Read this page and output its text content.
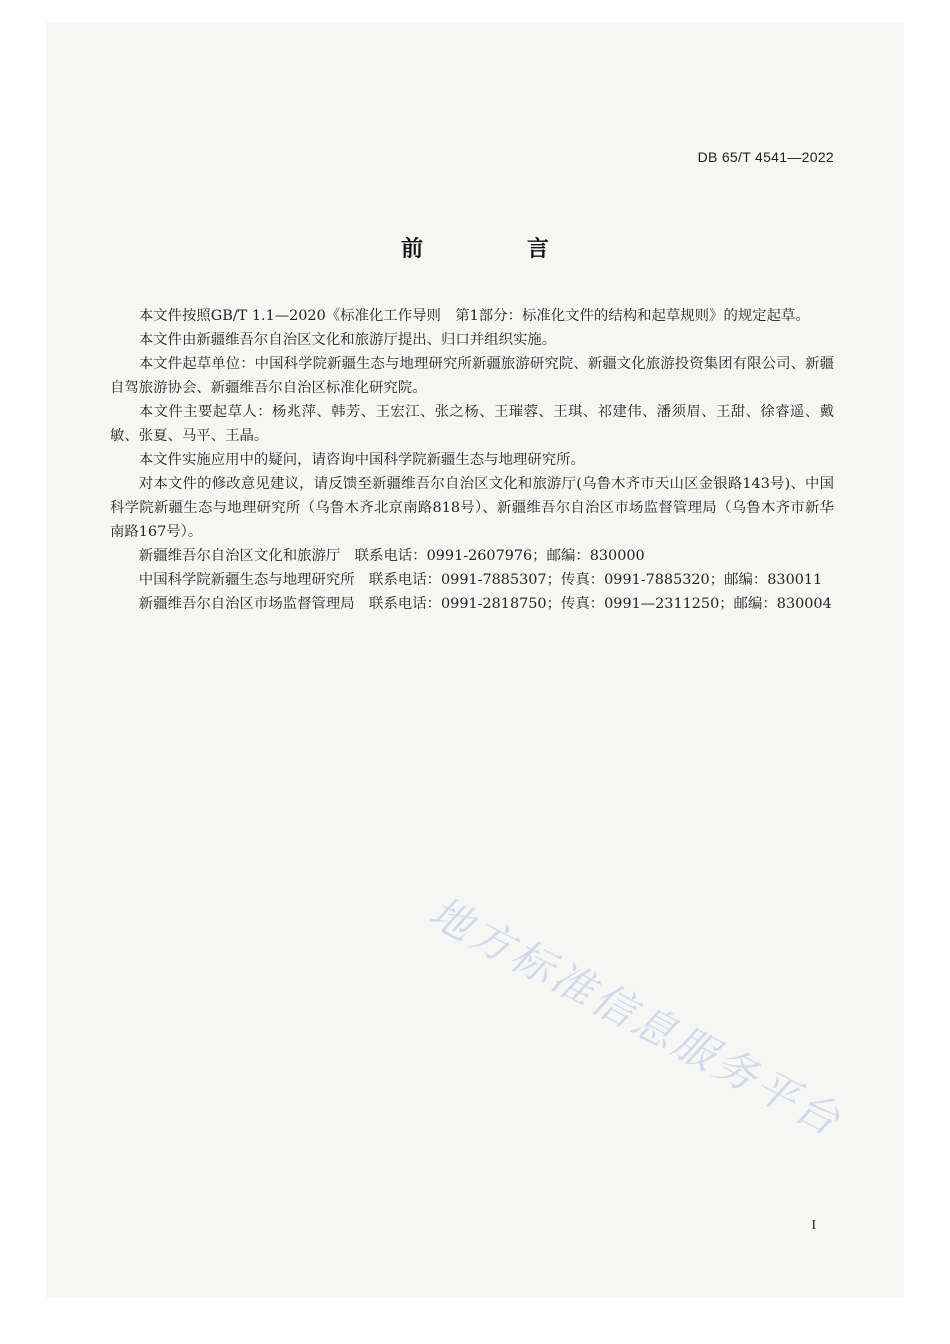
DB 65/T 4541—2022
前 言

本文件按照GB/T 1.1—2020《标准化工作导则　第1部分：标准化文件的结构和起草规则》的规定起草。

本文件由新疆维吾尔自治区文化和旅游厅提出、归口并组织实施。

本文件起草单位：中国科学院新疆生态与地理研究所新疆旅游研究院、新疆文化旅游投资集团有限公司、新疆自驾旅游协会、新疆维吾尔自治区标准化研究院。

本文件主要起草人：杨兆萍、韩芳、王宏江、张之杨、王璀蓉、王琪、祁建伟、潘须眉、王甜、徐睿遥、戴敏、张夏、马平、王晶。

本文件实施应用中的疑问，请咨询中国科学院新疆生态与地理研究所。

对本文件的修改意见建议，请反馈至新疆维吾尔自治区文化和旅游厅(乌鲁木齐市天山区金银路143号)、中国科学院新疆生态与地理研究所（乌鲁木齐北京南路818号）、新疆维吾尔自治区市场监督管理局（乌鲁木齐市新华南路167号）。

新疆维吾尔自治区文化和旅游厅　联系电话：0991-2607976；邮编：830000

中国科学院新疆生态与地理研究所　联系电话：0991-7885307；传真：0991-7885320；邮编：830011

新疆维吾尔自治区市场监督管理局　联系电话：0991-2818750；传真：0991—2311250；邮编：830004

地方标准信息服务平台
I
